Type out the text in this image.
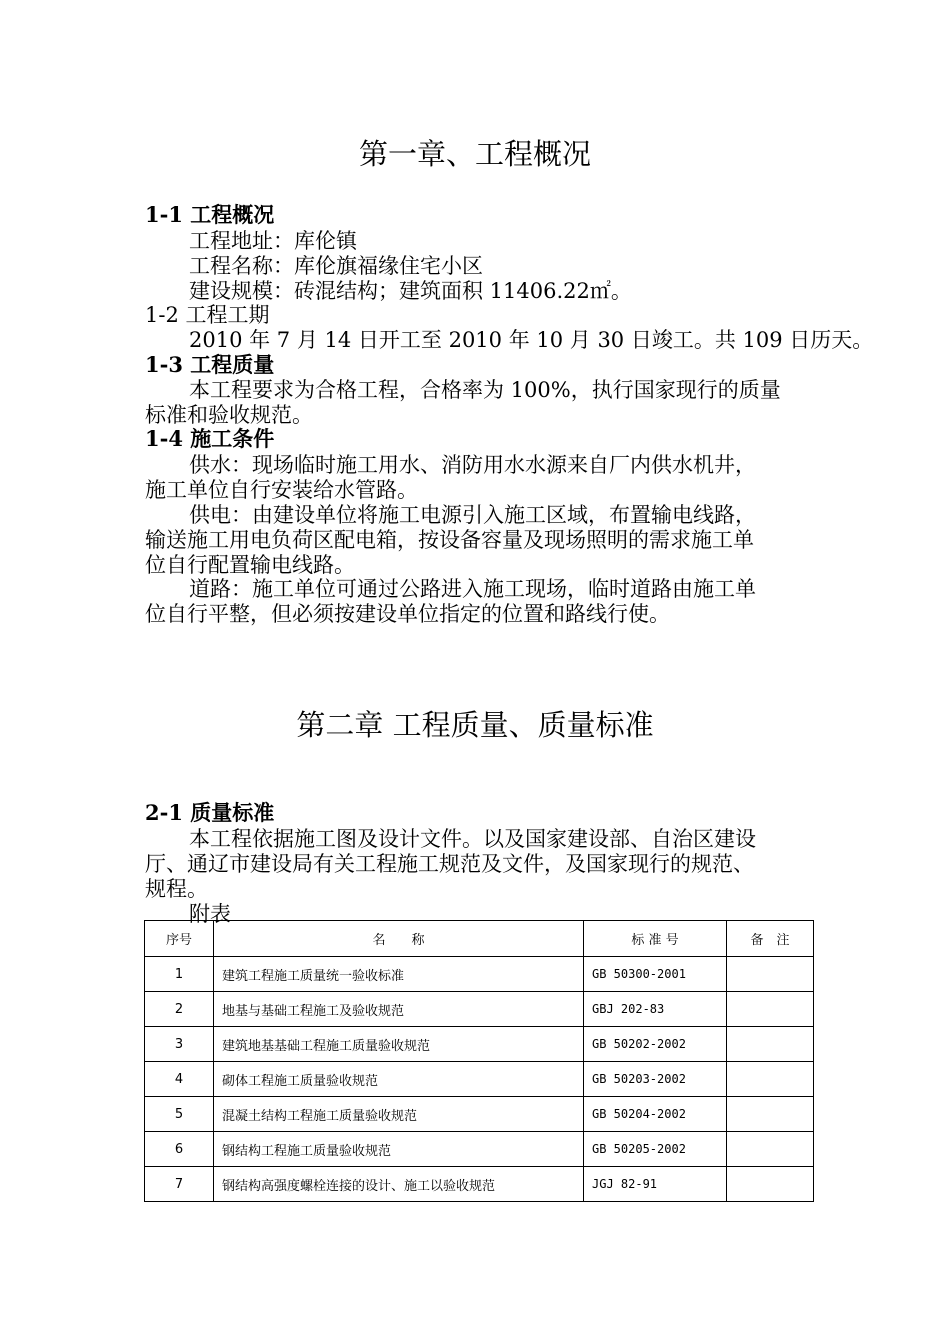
第一章、工程概况
1-1 工程概况
工程地址：库伦镇
工程名称：库伦旗福缘住宅小区
建设规模：砖混结构；建筑面积 11406.22㎡。
1-2 工程工期
2010 年 7 月 14 日开工至 2010 年 10 月 30 日竣工。共 109 日历天。
1-3 工程质量
本工程要求为合格工程，合格率为 100%，执行国家现行的质量
标准和验收规范。
1-4 施工条件
供水：现场临时施工用水、消防用水水源来自厂内供水机井，
施工单位自行安装给水管路。
供电：由建设单位将施工电源引入施工区域，布置输电线路，
输送施工用电负荷区配电箱，按设备容量及现场照明的需求施工单
位自行配置输电线路。
道路：施工单位可通过公路进入施工现场，临时道路由施工单
位自行平整，但必须按建设单位指定的位置和路线行使。
第二章 工程质量、质量标准
2-1 质量标准
本工程依据施工图及设计文件。以及国家建设部、自治区建设
厅、通辽市建设局有关工程施工规范及文件，及国家现行的规范、
规程。
附表
序号	名　　称	标 准 号	备　注
1	建筑工程施工质量统一验收标准	GB 50300-2001	
2	地基与基础工程施工及验收规范	GBJ 202-83	
3	建筑地基基础工程施工质量验收规范	GB 50202-2002	
4	砌体工程施工质量验收规范	GB 50203-2002	
5	混凝土结构工程施工质量验收规范	GB 50204-2002	
6	钢结构工程施工质量验收规范	GB 50205-2002	
7	钢结构高强度螺栓连接的设计、施工以验收规范	JGJ 82-91	
